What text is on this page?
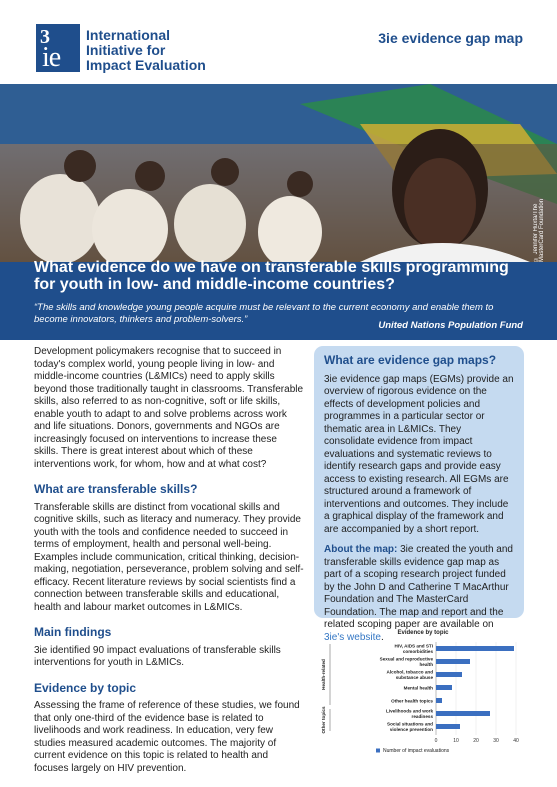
3
ie
International
Initiative for
Impact Evaluation
3ie evidence gap map
© Jennifer Huxta/The MasterCard Foundation
What evidence do we have on transferable skills programming for youth in low- and middle-income countries?
“The skills and knowledge young people acquire must be relevant to the current economy and enable them to become innovators, thinkers and problem-solvers.”
United Nations Population Fund

Development policymakers recognise that to succeed in today's complex world, young people living in low- and middle-income countries (L&MICs) need to apply skills beyond those traditionally taught in classrooms. Transferable skills, also referred to as non-cognitive, soft or life skills, enable youth to adapt to and solve problems across work and life situations. Donors, governments and NGOs are increasingly focused on interventions to increase these skills. There is great interest about which of these interventions work, for whom, how and at what cost?

What are transferable skills?

Transferable skills are distinct from vocational skills and cognitive skills, such as literacy and numeracy. They provide youth with the tools and confidence needed to succeed in terms of employment, health and personal well-being. Examples include communication, critical thinking, decision-making, negotiation, perseverance, problem solving and self-efficacy. Recent literature reviews by social scientists find a connection between transferable skills and educational, health and labour market outcomes in L&MICs.

Main findings

3ie identified 90 impact evaluations of transferable skills interventions for youth in L&MICs.

Evidence by topic

Assessing the frame of reference of these studies, we found that only one-third of the evidence base is related to livelihoods and work readiness. In education, very few studies measured academic outcomes. The majority of current evidence on this topic is related to health and focuses largely on HIV prevention.

What are evidence gap maps?

3ie evidence gap maps (EGMs) provide an overview of rigorous evidence on the effects of development policies and programmes in a particular sector or thematic area in L&MICs. They consolidate evidence from impact evaluations and systematic reviews to identify research gaps and provide easy access to existing research. All EGMs are structured around a framework of interventions and outcomes. They include a graphical display of the framework and are accompanied by a short report.

About the map: 3ie created the youth and transferable skills evidence gap map as part of a scoping research project funded by the John D and Catherine T MacArthur Foundation and The MasterCard Foundation. The map and report and the related scoping paper are available on 3ie's website.	Evidence by topic
0	10	20	30	40
HIV, AIDS and STI comorbidities
Sexual and reproductive health
Alcohol, tobacco and substance abuse
Mental health
Other health topics
Livelihoods and work readiness
Social situations and violence prevention
Health-related
Other topics
Number of impact evaluations
